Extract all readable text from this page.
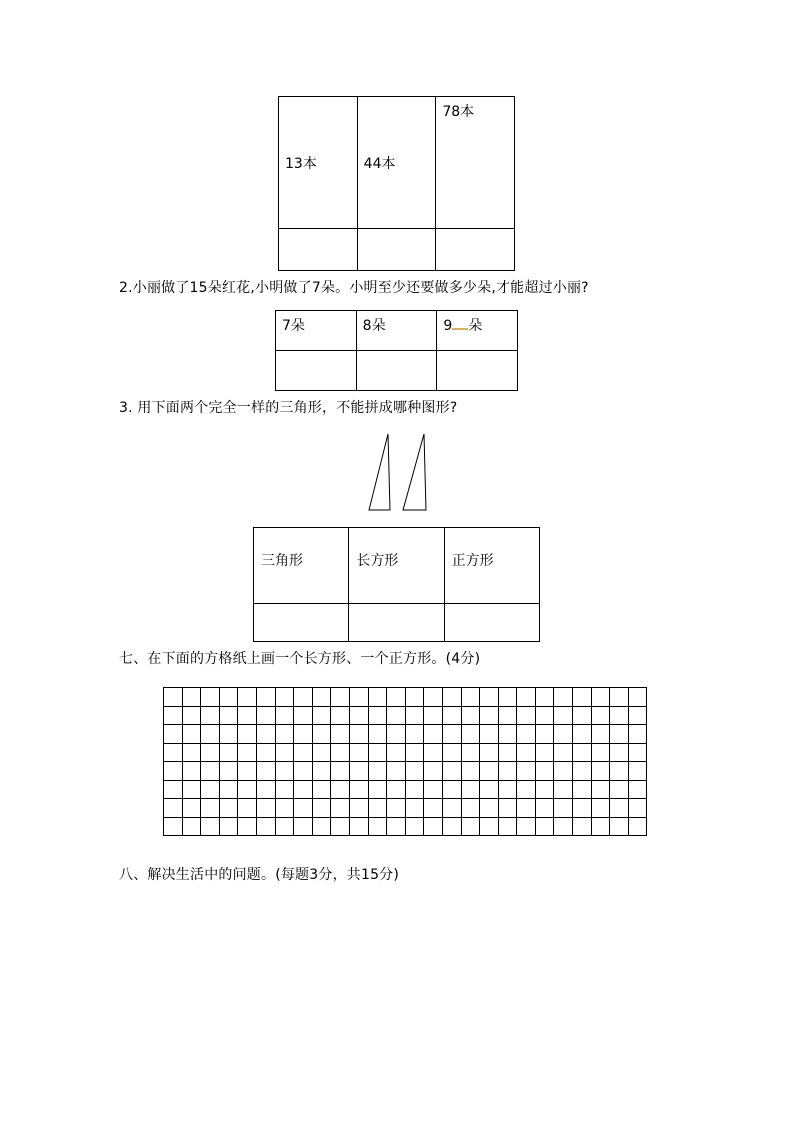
13本	44本	78本

2.小丽做了15朵红花,小明做了7朵。小明至少还要做多少朵,才能超过小丽?
7朵	8朵	9 朵

3. 用下面两个完全一样的三角形，不能拼成哪种图形?
三角形	长方形	正方形

七、在下面的方格纸上画一个长方形、一个正方形。(4分)

八、解决生活中的问题。(每题3分，共15分)
